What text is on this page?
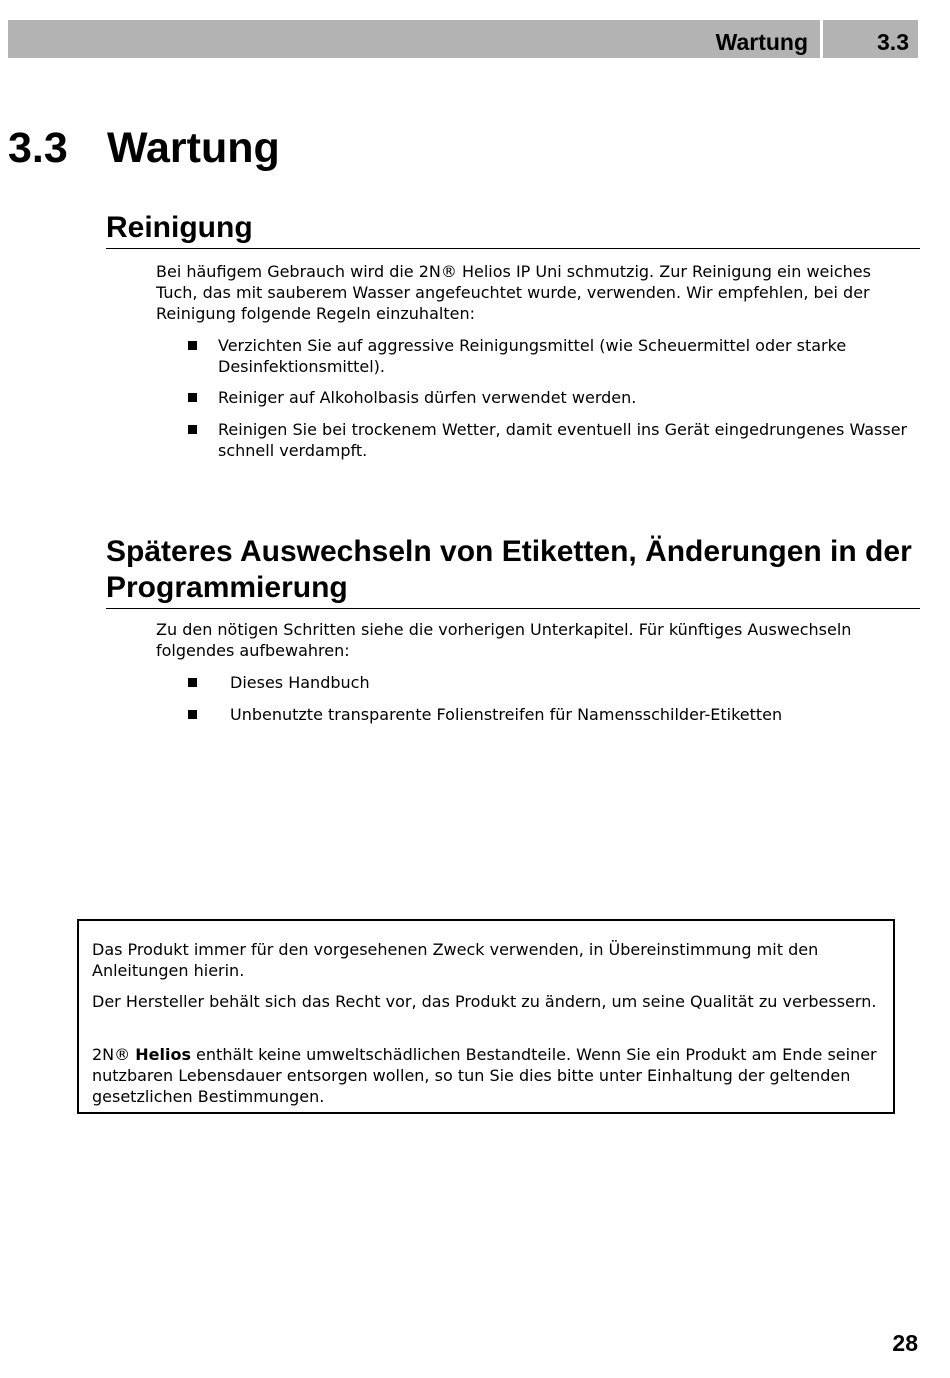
Wartung	3.3
3.3 Wartung
Reinigung

Bei häufigem Gebrauch wird die 2N® Helios IP Uni schmutzig. Zur Reinigung ein weiches Tuch, das mit sauberem Wasser angefeuchtet wurde, verwenden. Wir empfehlen, bei der Reinigung folgende Regeln einzuhalten:

Verzichten Sie auf aggressive Reinigungsmittel (wie Scheuermittel oder starke Desinfektionsmittel).
Reiniger auf Alkoholbasis dürfen verwendet werden.
Reinigen Sie bei trockenem Wetter, damit eventuell ins Gerät eingedrungenes Wasser schnell verdampft.
Späteres Auswechseln von Etiketten, Änderungen in der Programmierung

Zu den nötigen Schritten siehe die vorherigen Unterkapitel. Für künftiges Auswechseln folgendes aufbewahren:

Dieses Handbuch
Unbenutzte transparente Folienstreifen für Namensschilder-Etiketten

Das Produkt immer für den vorgesehenen Zweck verwenden, in Übereinstimmung mit den Anleitungen hierin.

Der Hersteller behält sich das Recht vor, das Produkt zu ändern, um seine Qualität zu verbessern.

2N® Helios enthält keine umweltschädlichen Bestandteile. Wenn Sie ein Produkt am Ende seiner nutzbaren Lebensdauer entsorgen wollen, so tun Sie dies bitte unter Einhaltung der geltenden gesetzlichen Bestimmungen.

28
